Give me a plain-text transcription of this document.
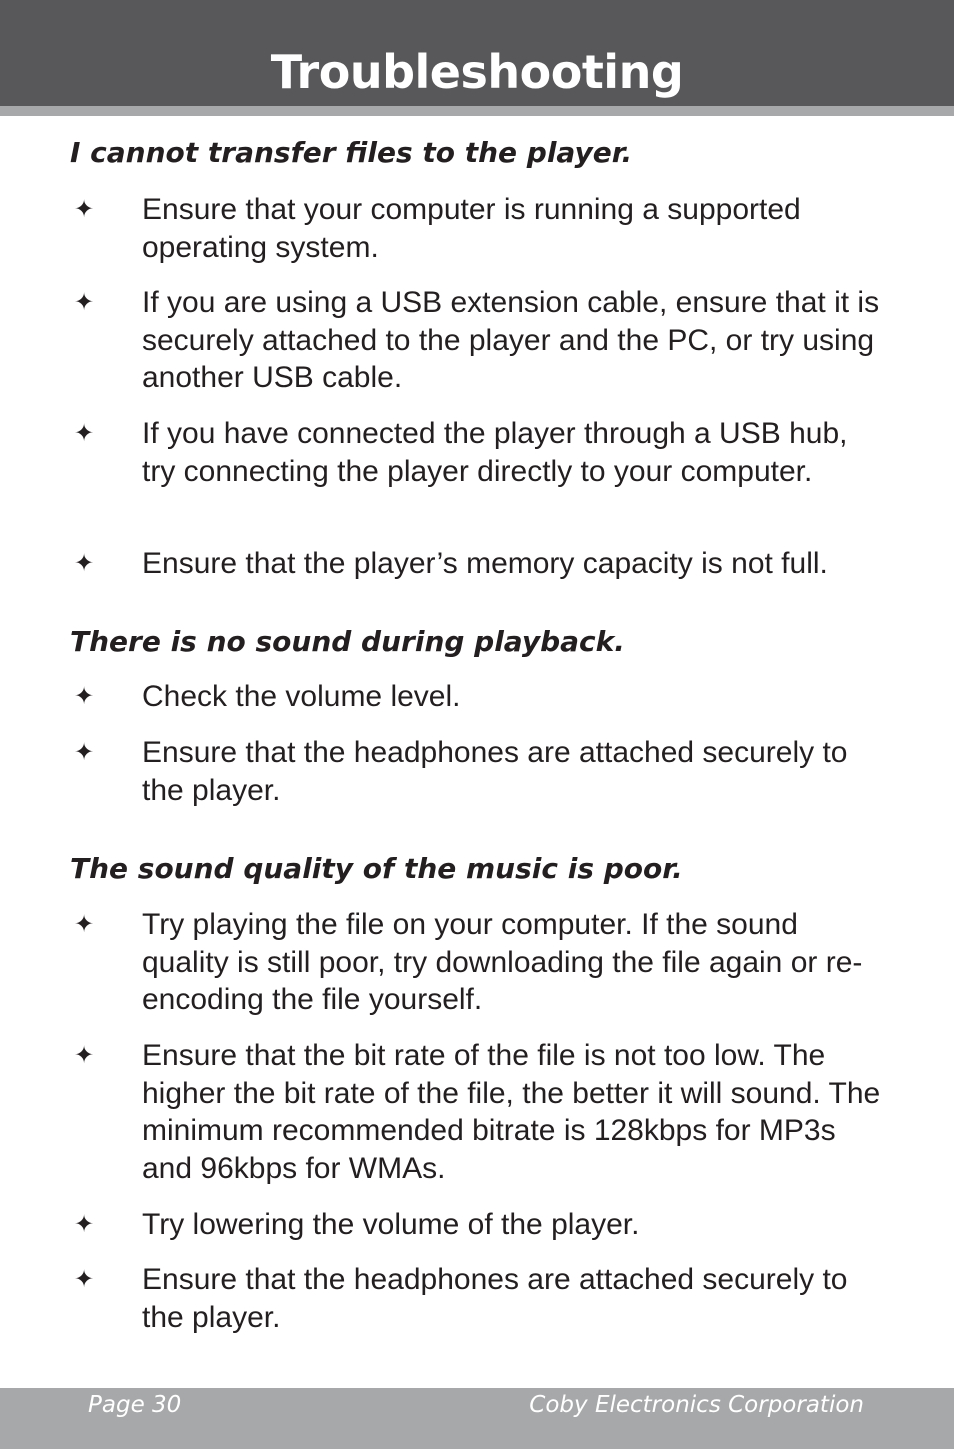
Troubleshooting
I cannot transfer files to the player.
✦ Ensure that your computer is running a supported operating system.
✦ If you are using a USB extension cable, ensure that it is securely attached to the player and the PC, or try using another USB cable.
✦ If you have connected the player through a USB hub, try connecting the player directly to your computer.
✦ Ensure that the player’s memory capacity is not full.
There is no sound during playback.
✦ Check the volume level.
✦ Ensure that the headphones are attached securely to the player.
The sound quality of the music is poor.
✦ Try playing the file on your computer. If the sound quality is still poor, try downloading the file again or re-encoding the file yourself.
✦ Ensure that the bit rate of the file is not too low. The higher the bit rate of the file, the better it will sound. The minimum recommended bitrate is 128kbps for MP3s and 96kbps for WMAs.
✦ Try lowering the volume of the player.
✦ Ensure that the headphones are attached securely to the player.
Page 30	Coby Electronics Corporation
